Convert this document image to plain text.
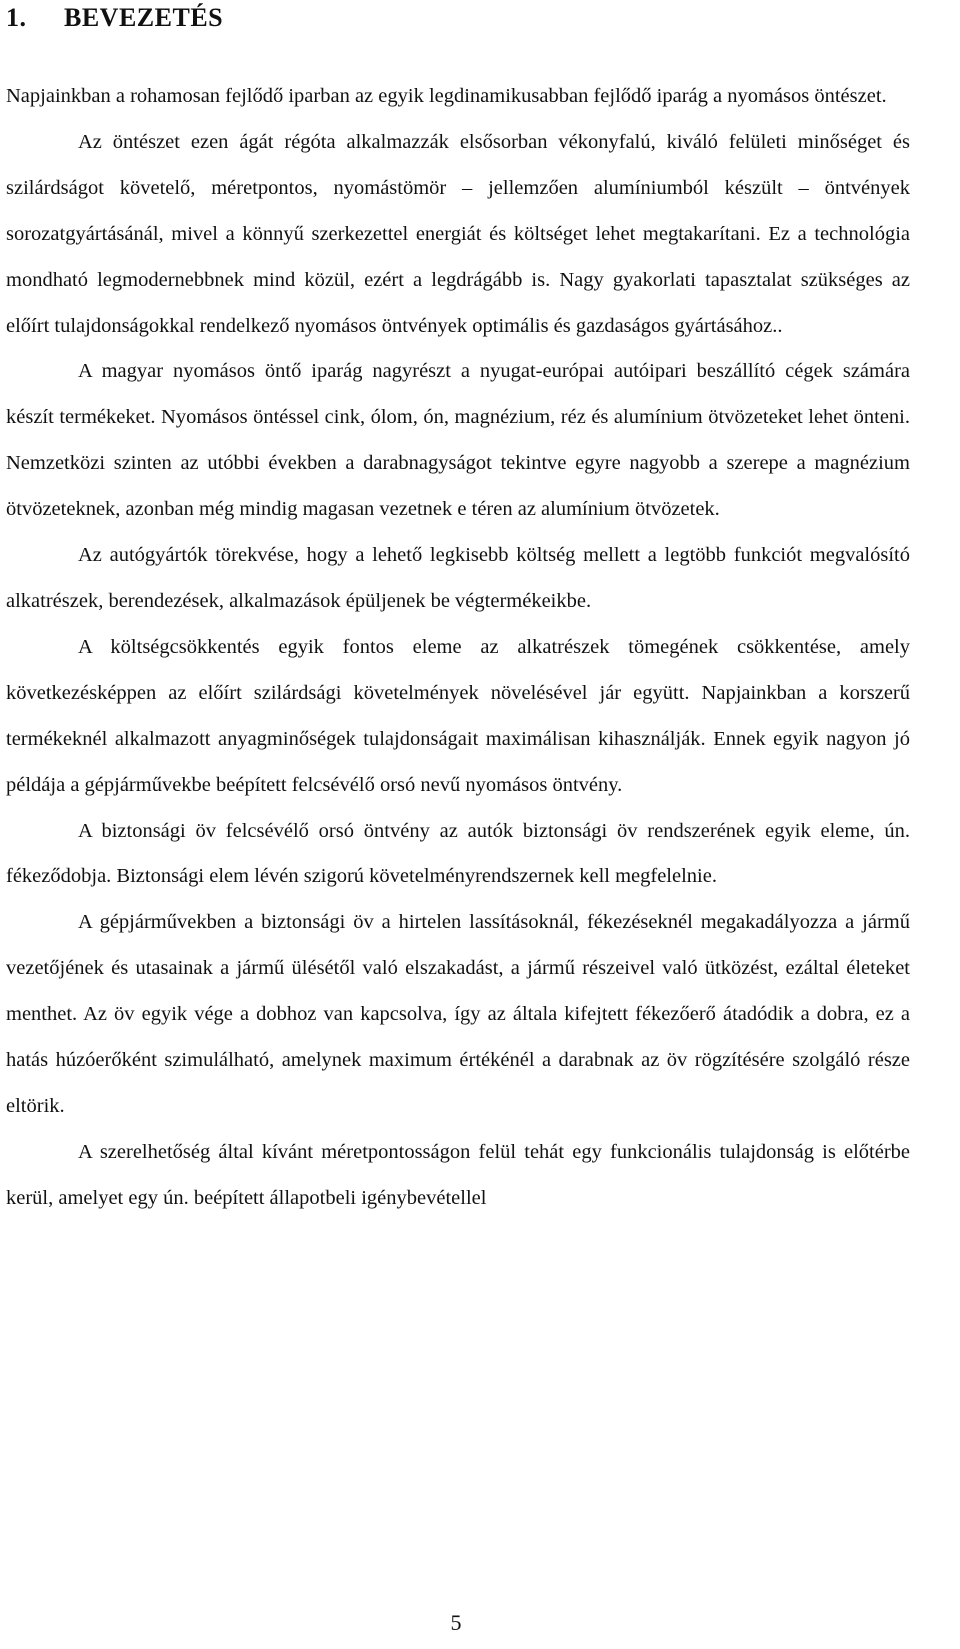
1.	BEVEZETÉS

Napjainkban a rohamosan fejlődő iparban az egyik legdinamikusabban fejlődő iparág a nyomásos öntészet.

Az öntészet ezen ágát régóta alkalmazzák elsősorban vékonyfalú, kiváló felületi minőséget és szilárdságot követelő, méretpontos, nyomástömör – jellemzően alumíniumból készült – öntvények sorozatgyártásánál, mivel a könnyű szerkezettel energiát és költséget lehet megtakarítani. Ez a technológia mondható legmodernebbnek mind közül, ezért a legdrágább is. Nagy gyakorlati tapasztalat szükséges az előírt tulajdonságokkal rendelkező nyomásos öntvények optimális és gazdaságos gyártásához..

A magyar nyomásos öntő iparág nagyrészt a nyugat-európai autóipari beszállító cégek számára készít termékeket. Nyomásos öntéssel cink, ólom, ón, magnézium, réz és alumínium ötvözeteket lehet önteni. Nemzetközi szinten az utóbbi években a darabnagyságot tekintve egyre nagyobb a szerepe a magnézium ötvözeteknek, azonban még mindig magasan vezetnek e téren az alumínium ötvözetek.

Az autógyártók törekvése, hogy a lehető legkisebb költség mellett a legtöbb funkciót megvalósító alkatrészek, berendezések, alkalmazások épüljenek be végtermékeikbe.

A költségcsökkentés egyik fontos eleme az alkatrészek tömegének csökkentése, amely következésképpen az előírt szilárdsági követelmények növelésével jár együtt. Napjainkban a korszerű termékeknél alkalmazott anyagminőségek tulajdonságait maximálisan kihasználják. Ennek egyik nagyon jó példája a gépjárművekbe beépített felcsévélő orsó nevű nyomásos öntvény.

A biztonsági öv felcsévélő orsó öntvény az autók biztonsági öv rendszerének egyik eleme, ún. fékeződobja. Biztonsági elem lévén szigorú követelményrendszernek kell megfelelnie.

A gépjárművekben a biztonsági öv a hirtelen lassításoknál, fékezéseknél megakadályozza a jármű vezetőjének és utasainak a jármű ülésétől való elszakadást, a jármű részeivel való ütközést, ezáltal életeket menthet. Az öv egyik vége a dobhoz van kapcsolva, így az általa kifejtett fékezőerő átadódik a dobra, ez a hatás húzóerőként szimulálható, amelynek maximum értékénél a darabnak az öv rögzítésére szolgáló része eltörik.

A szerelhetőség által kívánt méretpontosságon felül tehát egy funkcionális tulajdonság is előtérbe kerül, amelyet egy ún. beépített állapotbeli igénybevétellel

5
